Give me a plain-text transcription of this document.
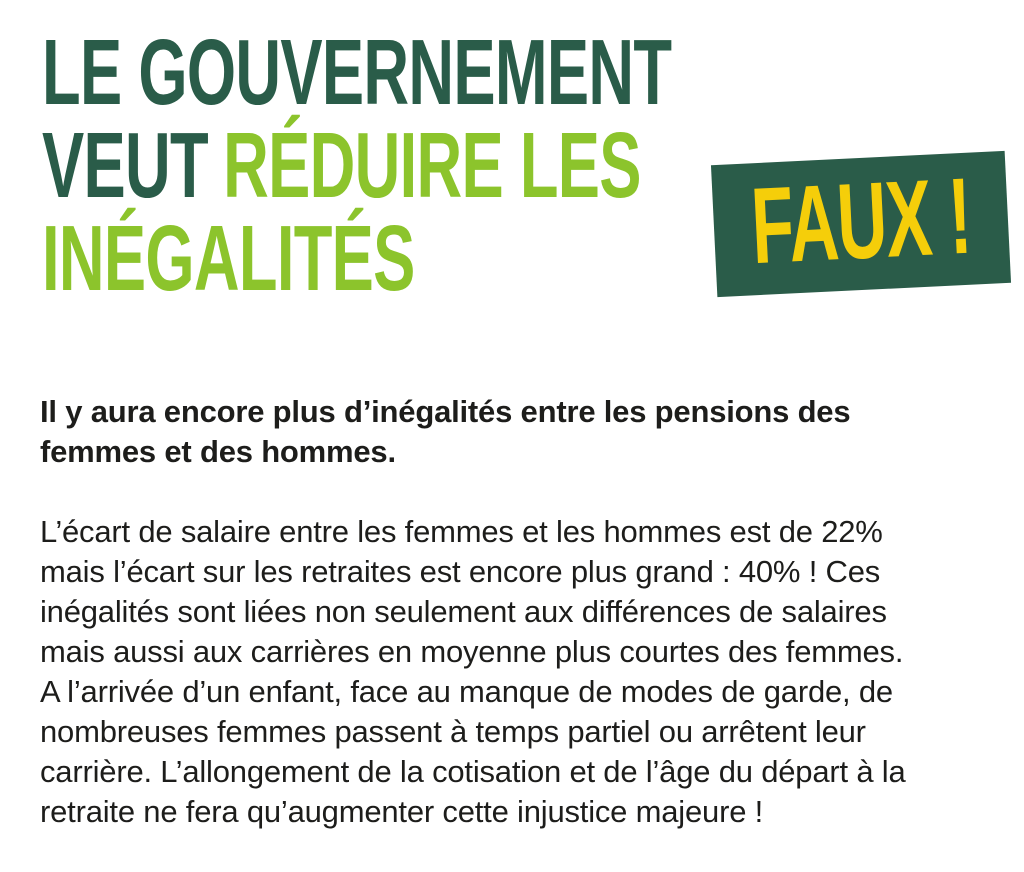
LE GOUVERNEMENT
VEUT RÉDUIRE LES
INÉGALITÉS	FAUX !

Il y aura encore plus d’inégalités entre les pensions des
femmes et des hommes.

L’écart de salaire entre les femmes et les hommes est de 22%
mais l’écart sur les retraites est encore plus grand : 40% ! Ces
inégalités sont liées non seulement aux différences de salaires
mais aussi aux carrières en moyenne plus courtes des femmes.
A l’arrivée d’un enfant, face au manque de modes de garde, de
nombreuses femmes passent à temps partiel ou arrêtent leur
carrière. L’allongement de la cotisation et de l’âge du départ à la
retraite ne fera qu’augmenter cette injustice majeure !
